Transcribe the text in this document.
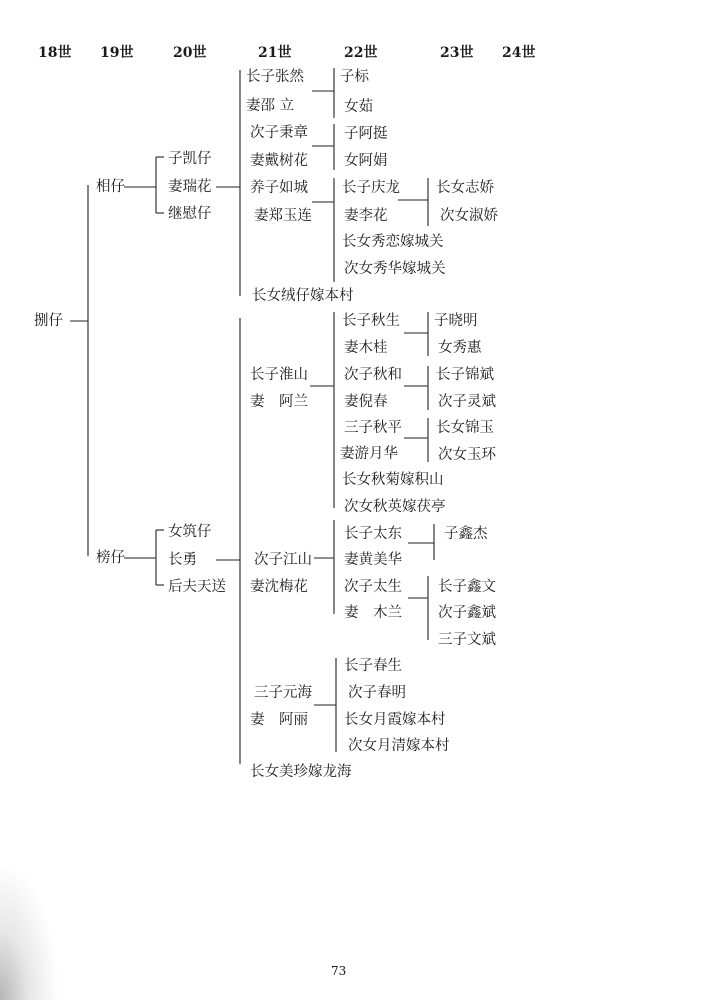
18世 19世	20世	21世	22世	23世 24世
捌仔
相仔
榜仔
子凯仔
妻瑞花
继慰仔
长子张然
妻邵 立
次子秉章
妻戴树花
养子如城
妻郑玉连
长女绒仔嫁本村
子标
女茹
子阿挺
女阿娟
长子庆龙
妻李花
长女秀恋嫁城关
次女秀华嫁城关
长女志娇
次女淑娇
女筑仔
长勇
后夫天送
长子淮山
妻　阿兰
长子秋生
妻木桂
次子秋和
妻倪春
三子秋平
妻游月华
长女秋菊嫁积山
次女秋英嫁茯亭
子晓明
女秀惠
长子锦斌
次子灵斌
长女锦玉
次女玉环
次子江山
妻沈梅花
长子太东
妻黄美华
次子太生
妻　木兰
子鑫杰
长子鑫文
次子鑫斌
三子文斌
三子元海
妻　阿丽
长子春生
次子春明
长女月霞嫁本村
次女月清嫁本村
长女美珍嫁龙海
73
